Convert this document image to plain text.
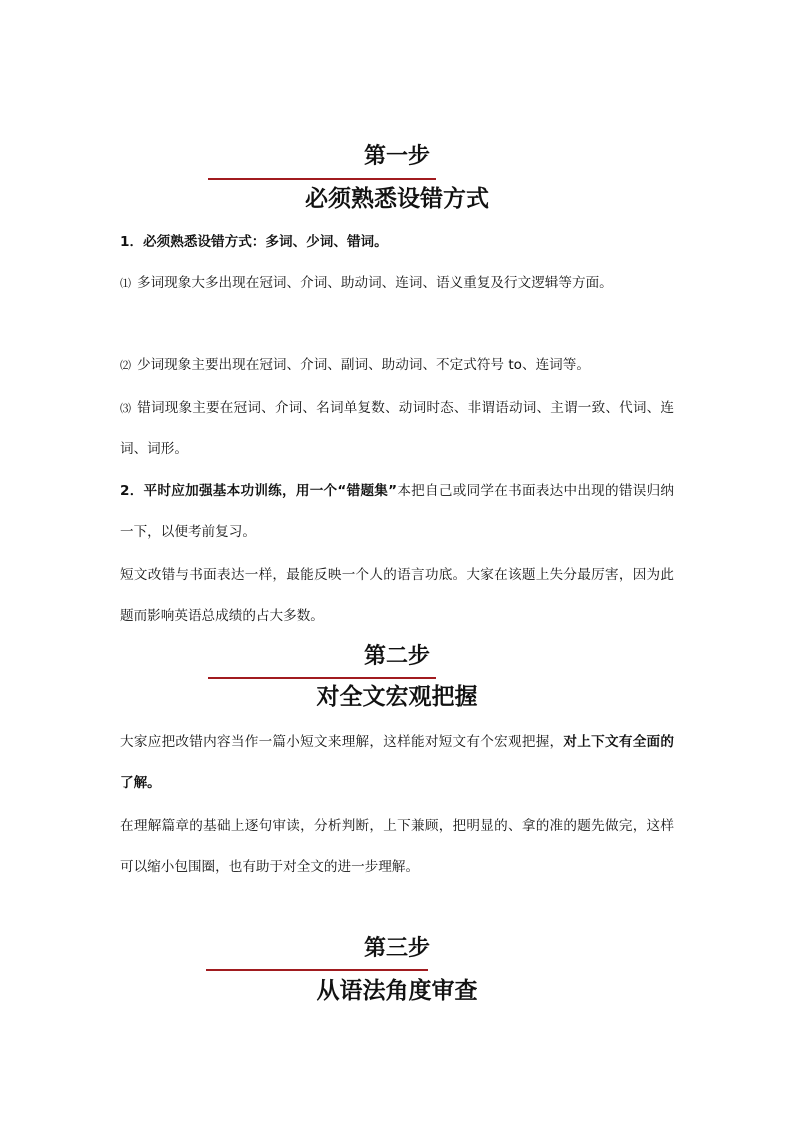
第一步
必须熟悉设错方式

1．必须熟悉设错方式：多词、少词、错词。

⑴ 多词现象大多出现在冠词、介词、助动词、连词、语义重复及行文逻辑等方面。

⑵ 少词现象主要出现在冠词、介词、副词、助动词、不定式符号 to、连词等。

⑶ 错词现象主要在冠词、介词、名词单复数、动词时态、非谓语动词、主谓一致、代词、连词、词形。

2．平时应加强基本功训练，用一个“错题集”本把自己或同学在书面表达中出现的错误归纳一下，以便考前复习。

短文改错与书面表达一样，最能反映一个人的语言功底。大家在该题上失分最厉害，因为此题而影响英语总成绩的占大多数。

第二步
对全文宏观把握

大家应把改错内容当作一篇小短文来理解，这样能对短文有个宏观把握，对上下文有全面的了解。

在理解篇章的基础上逐句审读，分析判断，上下兼顾，把明显的、拿的准的题先做完，这样可以缩小包围圈，也有助于对全文的进一步理解。

第三步
从语法角度审查
